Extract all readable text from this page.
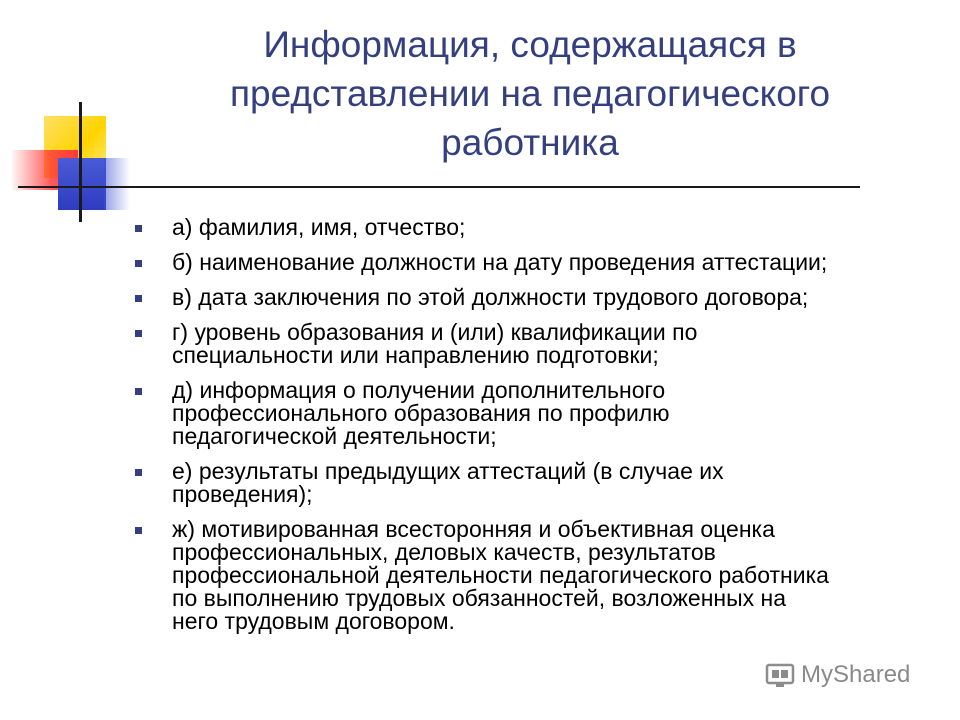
Информация, содержащаяся в
представлении на педагогического
работника
а) фамилия, имя, отчество;
б) наименование должности на дату проведения аттестации;
в) дата заключения по этой должности трудового договора;
г) уровень образования и (или) квалификации по
специальности или направлению подготовки;
д) информация о получении дополнительного
профессионального образования по профилю
педагогической деятельности;
е) результаты предыдущих аттестаций (в случае их
проведения);
ж) мотивированная всесторонняя и объективная оценка
профессиональных, деловых качеств, результатов
профессиональной деятельности педагогического работника
по выполнению трудовых обязанностей, возложенных на
него трудовым договором.
MyShared
